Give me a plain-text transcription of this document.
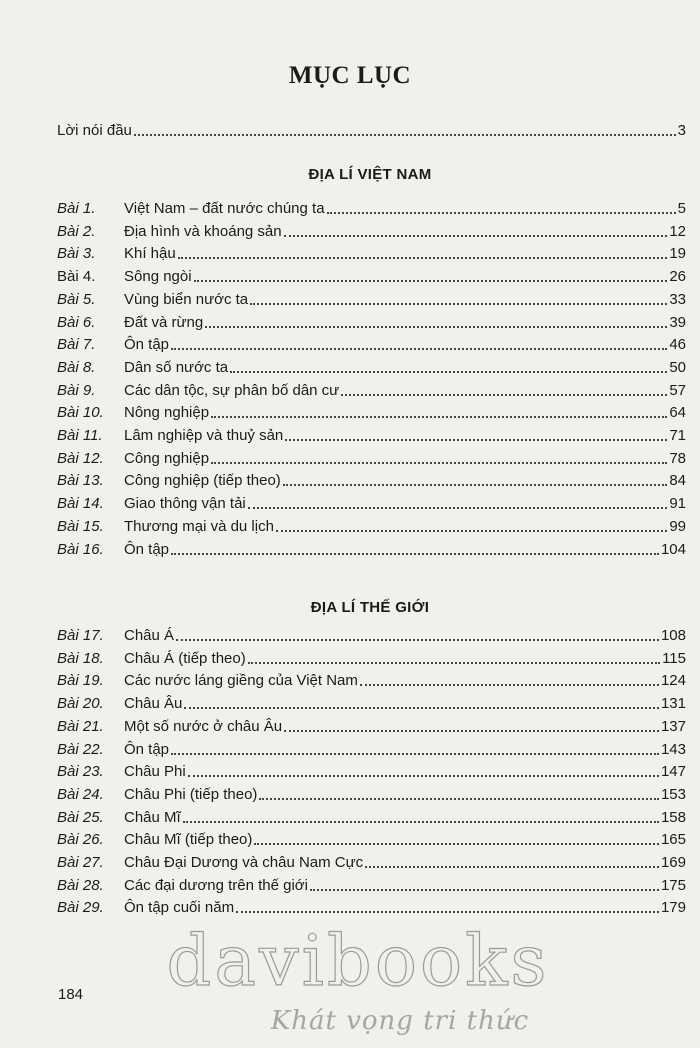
MỤC LỤC
Lời nói đầu	3
ĐỊA LÍ VIỆT NAM
Bài 1.	Việt Nam – đất nước chúng ta	5
Bài 2.	Địa hình và khoáng sản	12
Bài 3.	Khí hậu	19
Bài 4.	Sông ngòi	26
Bài 5.	Vùng biển nước ta	33
Bài 6.	Đất và rừng	39
Bài 7.	Ôn tập	46
Bài 8.	Dân số nước ta	50
Bài 9.	Các dân tộc, sự phân bố dân cư	57
Bài 10.	Nông nghiệp	64
Bài 11.	Lâm nghiệp và thuỷ sản	71
Bài 12.	Công nghiệp	78
Bài 13.	Công nghiệp (tiếp theo)	84
Bài 14.	Giao thông vận tải	91
Bài 15.	Thương mại và du lịch	99
Bài 16.	Ôn tập	104
ĐỊA LÍ THẾ GIỚI
Bài 17.	Châu Á	108
Bài 18.	Châu Á (tiếp theo)	115
Bài 19.	Các nước láng giềng của Việt Nam	124
Bài 20.	Châu Âu	131
Bài 21.	Một số nước ở châu Âu	137
Bài 22.	Ôn tập	143
Bài 23.	Châu Phi	147
Bài 24.	Châu Phi (tiếp theo)	153
Bài 25.	Châu Mĩ	158
Bài 26.	Châu Mĩ (tiếp theo)	165
Bài 27.	Châu Đại Dương và châu Nam Cực	169
Bài 28.	Các đại dương trên thế giới	175
Bài 29.	Ôn tập cuối năm	179
184 davibooks
Khát vọng tri thức
